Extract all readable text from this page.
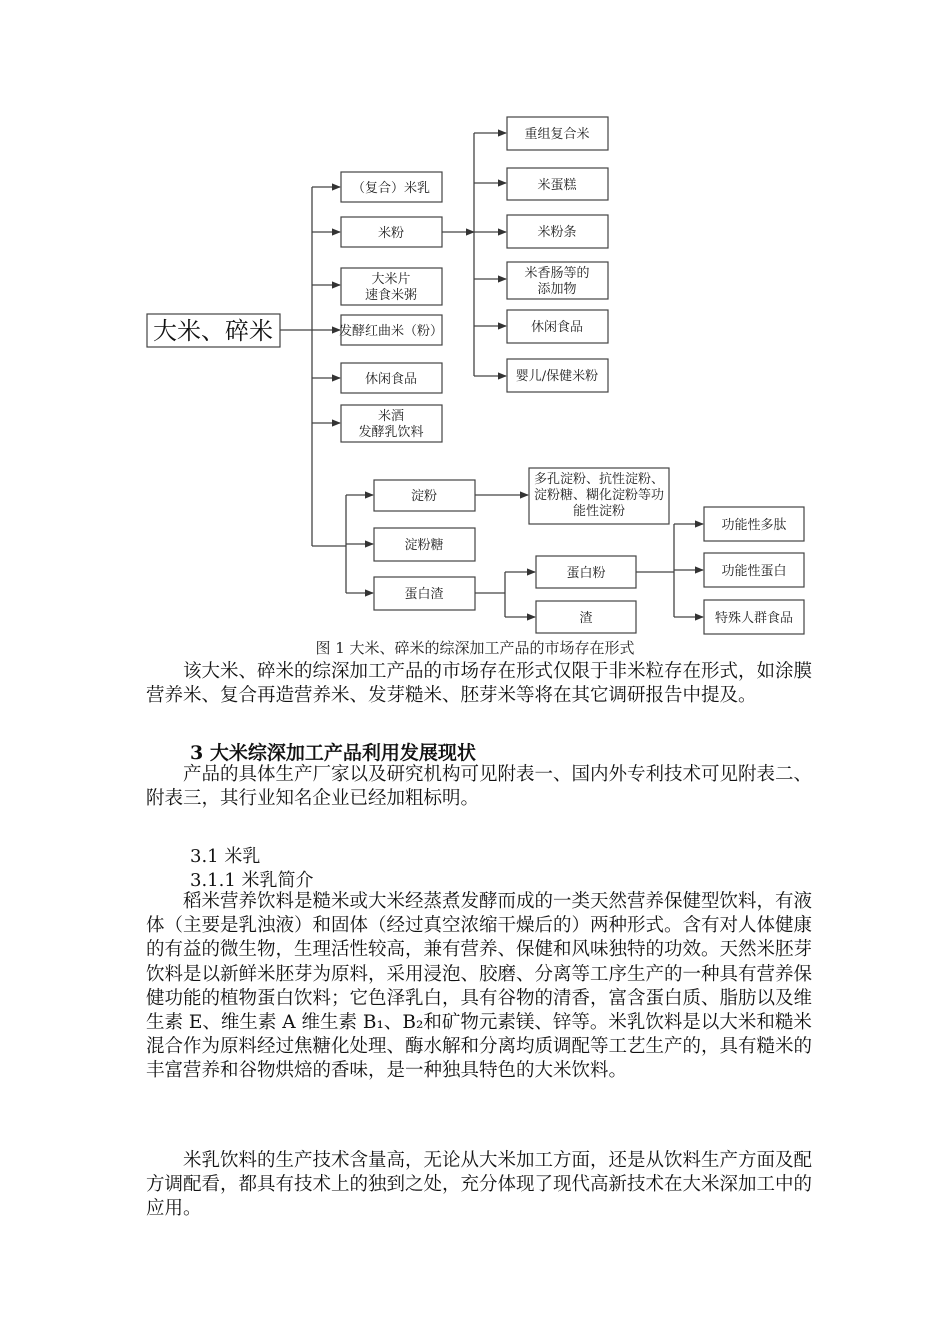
大米、碎米
（复合）米乳
米粉
大米片
速食米粥
发酵红曲米（粉）
休闲食品
米酒
发酵乳饮料
重组复合米
米蛋糕
米粉条
米香肠等的
添加物
休闲食品
婴儿/保健米粉
淀粉
淀粉糖
蛋白渣
多孔淀粉、抗性淀粉、
淀粉糖、糊化淀粉等功
能性淀粉
蛋白粉
渣
功能性多肽
功能性蛋白
特殊人群食品
图 1 大米、碎米的综深加工产品的市场存在形式

该大米、碎米的综深加工产品的市场存在形式仅限于非米粒存在形式，如涂膜营养米、复合再造营养米、发芽糙米、胚芽米等将在其它调研报告中提及。

3 大米综深加工产品利用发展现状

产品的具体生产厂家以及研究机构可见附表一、国内外专利技术可见附表二、附表三，其行业知名企业已经加粗标明。

3.1 米乳

3.1.1 米乳简介

稻米营养饮料是糙米或大米经蒸煮发酵而成的一类天然营养保健型饮料，有液体（主要是乳浊液）和固体（经过真空浓缩干燥后的）两种形式。含有对人体健康的有益的微生物，生理活性较高，兼有营养、保健和风味独特的功效。天然米胚芽饮料是以新鲜米胚芽为原料，采用浸泡、胶磨、分离等工序生产的一种具有营养保健功能的植物蛋白饮料；它色泽乳白，具有谷物的清香，富含蛋白质、脂肪以及维生素 E、维生素 A 维生素 B₁、B₂和矿物元素镁、锌等。米乳饮料是以大米和糙米混合作为原料经过焦糖化处理、酶水解和分离均质调配等工艺生产的，具有糙米的丰富营养和谷物烘焙的香味，是一种独具特色的大米饮料。

米乳饮料的生产技术含量高，无论从大米加工方面，还是从饮料生产方面及配方调配看，都具有技术上的独到之处，充分体现了现代高新技术在大米深加工中的应用。
